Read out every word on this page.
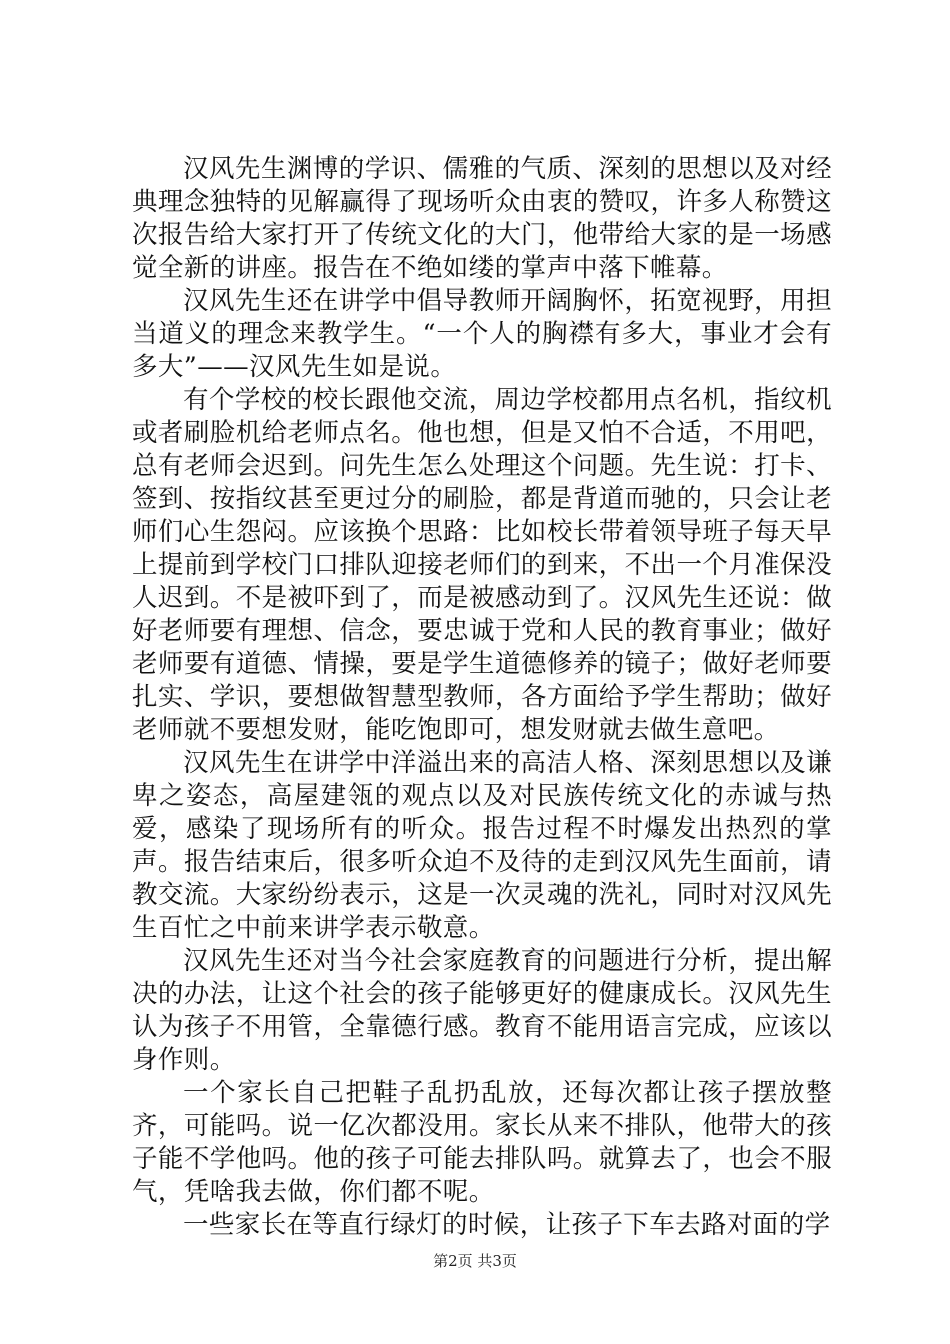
汉风先生渊博的学识、儒雅的气质、深刻的思想以及对经典理念独特的见解赢得了现场听众由衷的赞叹，许多人称赞这次报告给大家打开了传统文化的大门，他带给大家的是一场感觉全新的讲座。报告在不绝如缕的掌声中落下帷幕。

汉风先生还在讲学中倡导教师开阔胸怀，拓宽视野，用担当道义的理念来教学生。“一个人的胸襟有多大，事业才会有多大”——汉风先生如是说。

有个学校的校长跟他交流，周边学校都用点名机，指纹机或者刷脸机给老师点名。他也想，但是又怕不合适，不用吧，总有老师会迟到。问先生怎么处理这个问题。先生说：打卡、签到、按指纹甚至更过分的刷脸，都是背道而驰的，只会让老师们心生怨闷。应该换个思路：比如校长带着领导班子每天早上提前到学校门口排队迎接老师们的到来，不出一个月准保没人迟到。不是被吓到了，而是被感动到了。汉风先生还说：做好老师要有理想、信念，要忠诚于党和人民的教育事业；做好老师要有道德、情操，要是学生道德修养的镜子；做好老师要扎实、学识，要想做智慧型教师，各方面给予学生帮助；做好老师就不要想发财，能吃饱即可，想发财就去做生意吧。

汉风先生在讲学中洋溢出来的高洁人格、深刻思想以及谦卑之姿态，高屋建瓴的观点以及对民族传统文化的赤诚与热爱，感染了现场所有的听众。报告过程不时爆发出热烈的掌声。报告结束后，很多听众迫不及待的走到汉风先生面前，请教交流。大家纷纷表示，这是一次灵魂的洗礼，同时对汉风先生百忙之中前来讲学表示敬意。

汉风先生还对当今社会家庭教育的问题进行分析，提出解决的办法，让这个社会的孩子能够更好的健康成长。汉风先生认为孩子不用管，全靠德行感。教育不能用语言完成，应该以身作则。

一个家长自己把鞋子乱扔乱放，还每次都让孩子摆放整齐，可能吗。说一亿次都没用。家长从来不排队，他带大的孩子能不学他吗。他的孩子可能去排队吗。就算去了，也会不服气，凭啥我去做，你们都不呢。

一些家长在等直行绿灯的时候，让孩子下车去路对面的学

第2页 共3页
